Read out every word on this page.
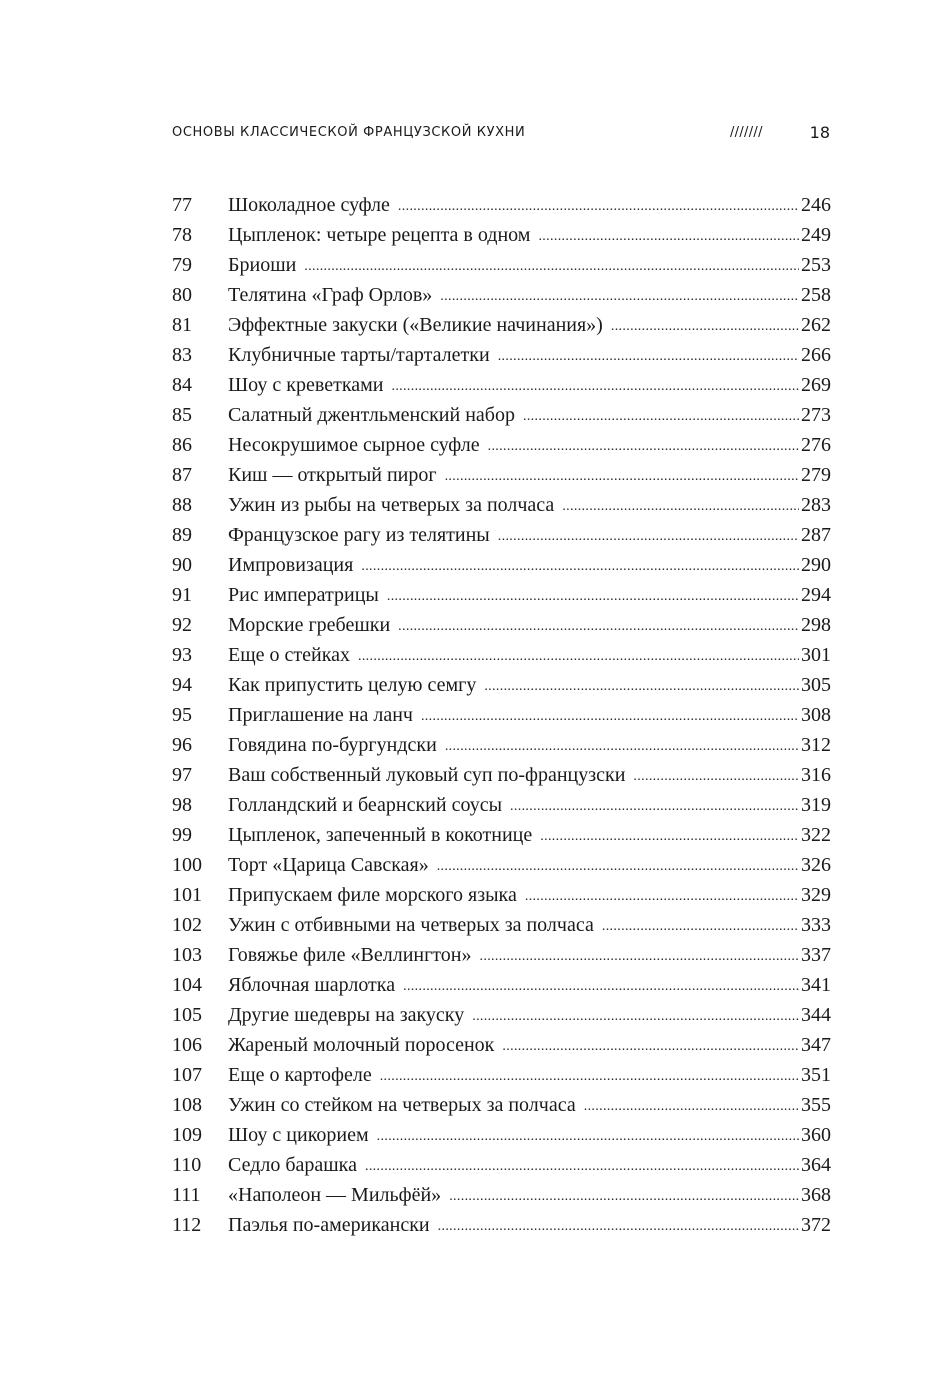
ОСНОВЫ КЛАССИЧЕСКОЙ ФРАНЦУЗСКОЙ КУХНИ	///////	18
77	Шоколадное суфле .....	246
78	Цыпленок: четыре рецепта в одном .....	249
79	Бриоши .....	253
80	Телятина «Граф Орлов» .....	258
81	Эффектные закуски («Великие начинания») .....	262
83	Клубничные тарты/тарталетки .....	266
84	Шоу с креветками .....	269
85	Салатный джентльменский набор .....	273
86	Несокрушимое сырное суфле .....	276
87	Киш — открытый пирог .....	279
88	Ужин из рыбы на четверых за полчаса .....	283
89	Французское рагу из телятины .....	287
90	Импровизация .....	290
91	Рис императрицы .....	294
92	Морские гребешки .....	298
93	Еще о стейках .....	301
94	Как припустить целую семгу .....	305
95	Приглашение на ланч .....	308
96	Говядина по-бургундски .....	312
97	Ваш собственный луковый суп по-французски .....	316
98	Голландский и беарнский соусы .....	319
99	Цыпленок, запеченный в кокотнице .....	322
100	Торт «Царица Савская» .....	326
101	Припускаем филе морского языка .....	329
102	Ужин с отбивными на четверых за полчаса .....	333
103	Говяжье филе «Веллингтон» .....	337
104	Яблочная шарлотка .....	341
105	Другие шедевры на закуску .....	344
106	Жареный молочный поросенок .....	347
107	Еще о картофеле .....	351
108	Ужин со стейком на четверых за полчаса .....	355
109	Шоу с цикорием .....	360
110	Седло барашка .....	364
111	«Наполеон — Мильфёй» .....	368
112	Паэлья по-американски .....	372
